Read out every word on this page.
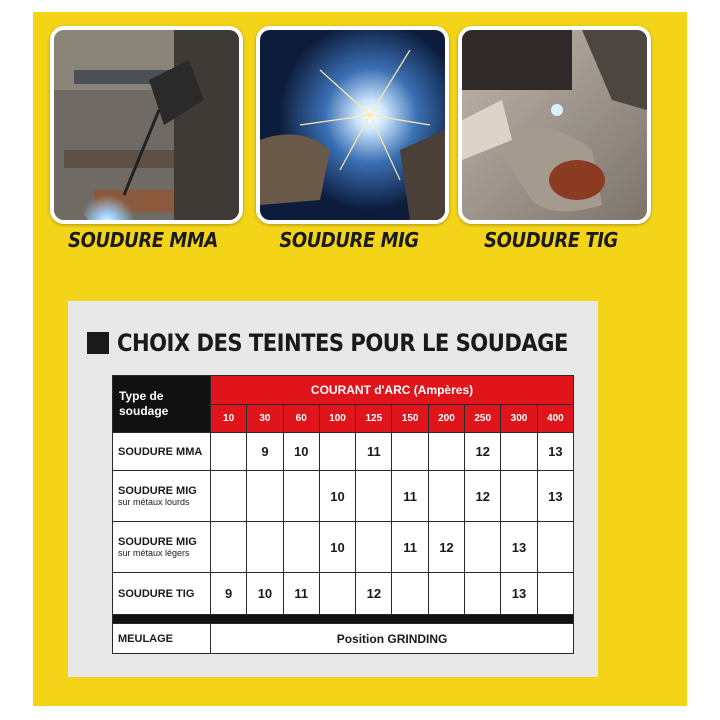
SOUDURE MMA	SOUDURE MIG	SOUDURE TIG
CHOIX DES TEINTES POUR LE SOUDAGE
Type de soudage	COURANT d'ARC (Ampères)									
	10	30	60	100	125	150	200	250	300	400
SOUDURE MMA		9	10		11			12		13
SOUDURE MIG
sur métaux lourds				10		11		12		13
SOUDURE MIG
sur métaux légers				10		11	12		13	
SOUDURE TIG	9	10	11		12				13	

MEULAGE	Position GRINDING									
